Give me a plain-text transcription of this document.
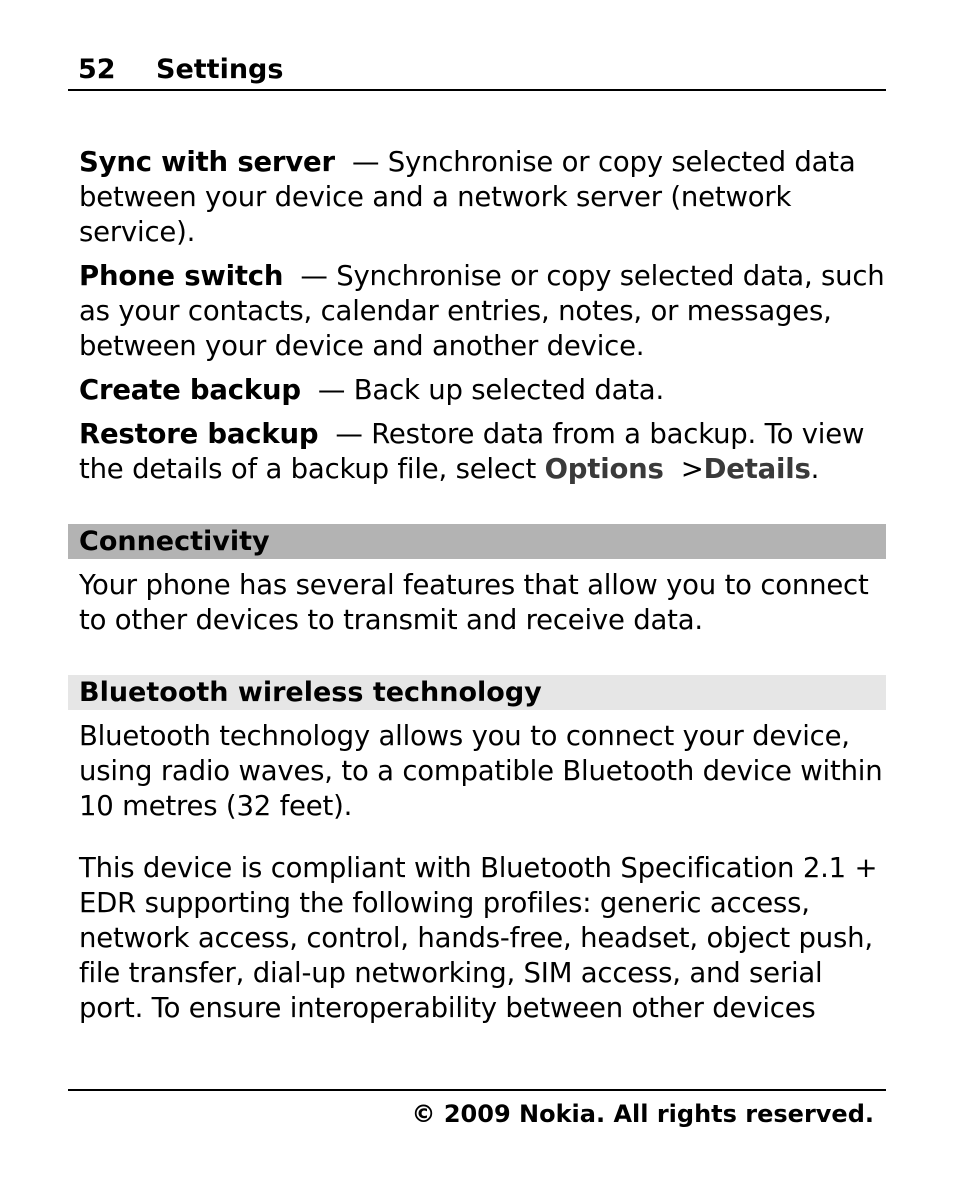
52 Settings

Sync with server — Synchronise or copy selected data between your device and a network server (network service).

Phone switch — Synchronise or copy selected data, such as your contacts, calendar entries, notes, or messages, between your device and another device.

Create backup — Back up selected data.

Restore backup — Restore data from a backup. To view the details of a backup file, select Options >Details.

Connectivity

Your phone has several features that allow you to connect to other devices to transmit and receive data.

Bluetooth wireless technology

Bluetooth technology allows you to connect your device, using radio waves, to a compatible Bluetooth device within 10 metres (32 feet).

This device is compliant with Bluetooth Specification 2.1 + EDR supporting the following profiles: generic access, network access, control, hands-free, headset, object push, file transfer, dial-up networking, SIM access, and serial port. To ensure interoperability between other devices

© 2009 Nokia. All rights reserved.
